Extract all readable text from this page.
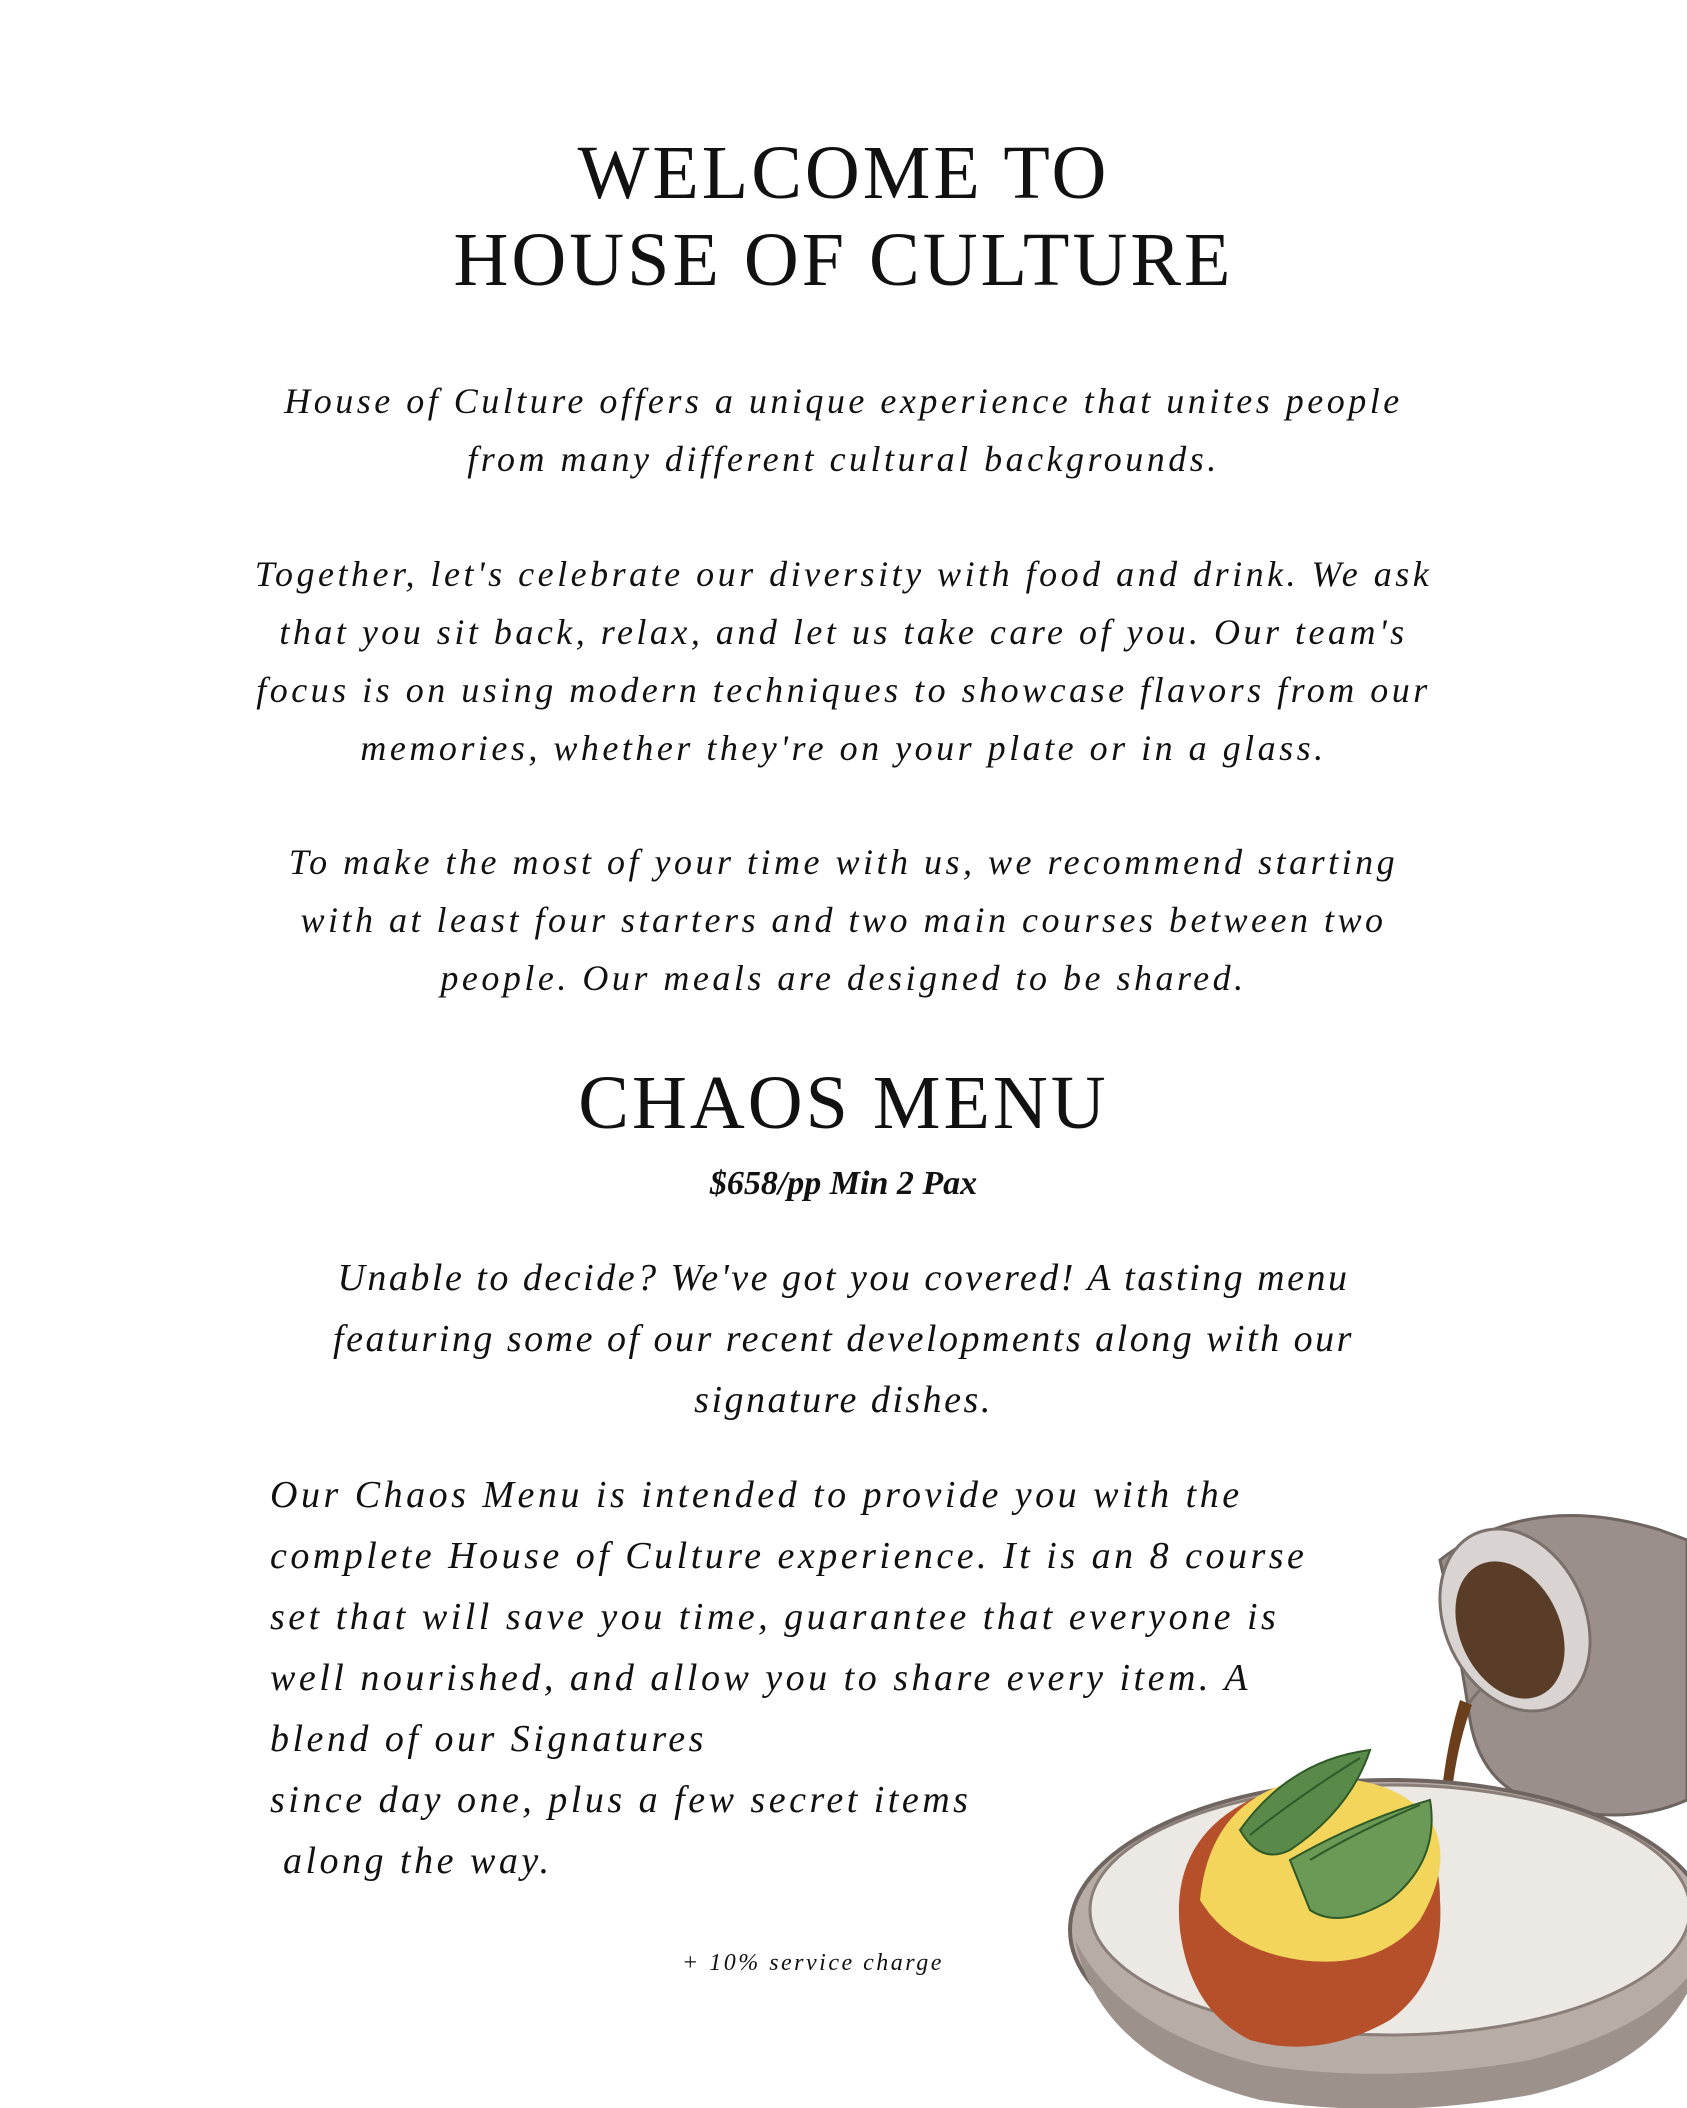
WELCOME TO
HOUSE OF CULTURE
House of Culture offers a unique experience that unites people
from many different cultural backgrounds.
Together, let's celebrate our diversity with food and drink. We ask
that you sit back, relax, and let us take care of you. Our team's
focus is on using modern techniques to showcase flavors from our
memories, whether they're on your plate or in a glass.
To make the most of your time with us, we recommend starting
with at least four starters and two main courses between two
people. Our meals are designed to be shared.
CHAOS MENU
$658/pp Min 2 Pax
Unable to decide? We've got you covered! A tasting menu
featuring some of our recent developments along with our
signature dishes.
Our Chaos Menu is intended to provide you with the
complete House of Culture experience. It is an 8 course
set that will save you time, guarantee that everyone is
well nourished, and allow you to share every item. A
blend of our Signatures
since day one, plus a few secret items
along the way.
+ 10% service charge
